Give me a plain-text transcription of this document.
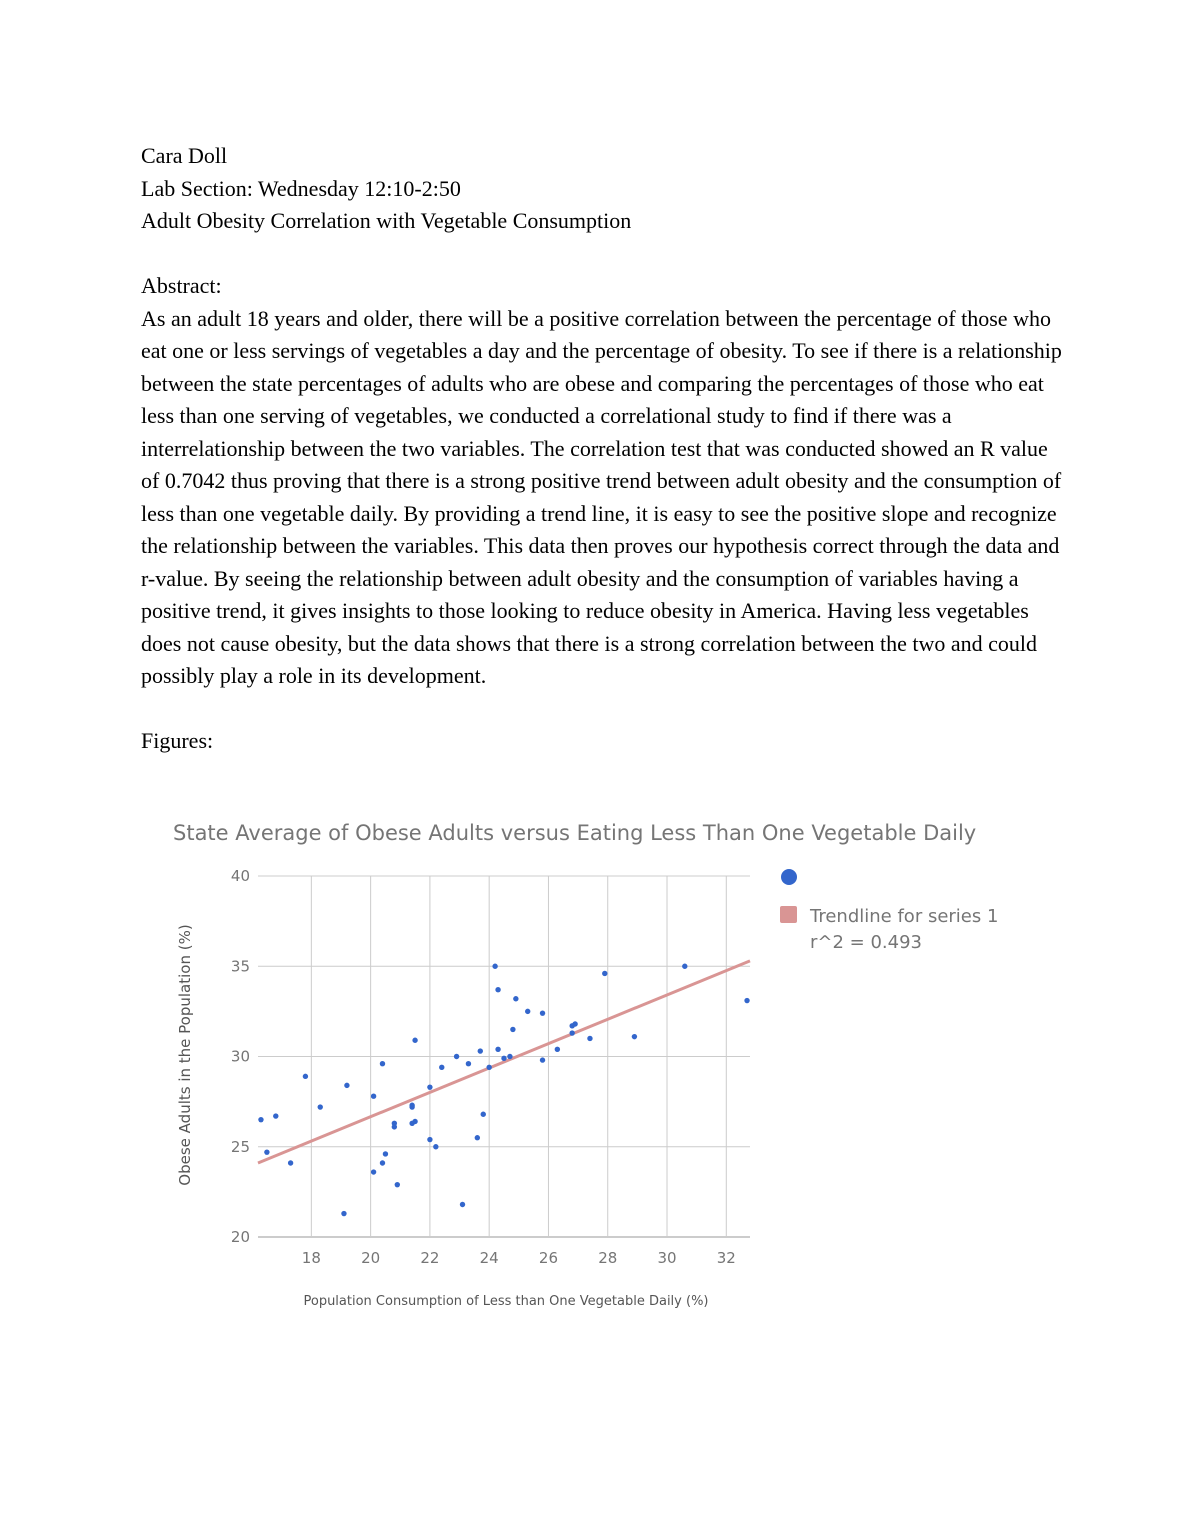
Cara Doll

Lab Section: Wednesday 12:10-2:50

Adult Obesity Correlation with Vegetable Consumption

Abstract:

As an adult 18 years and older, there will be a positive correlation between the percentage of those who eat one or less servings of vegetables a day and the percentage of obesity. To see if there is a relationship between the state percentages of adults who are obese and comparing the percentages of those who eat less than one serving of vegetables, we conducted a correlational study to find if there was a interrelationship between the two variables. The correlation test that was conducted showed an R value of 0.7042 thus proving that there is a strong positive trend between adult obesity and the consumption of less than one vegetable daily. By providing a trend line, it is easy to see the positive slope and recognize the relationship between the variables. This data then proves our hypothesis correct through the data and r-value. By seeing the relationship between adult obesity and the consumption of variables having a positive trend, it gives insights to those looking to reduce obesity in America. Having less vegetables does not cause obesity, but the data shows that there is a strong correlation between the two and could possibly play a role in its development.

Figures:

State Average of Obese Adults versus Eating Less Than One Vegetable Daily
20
25
30
35
40
18	20	22	24	26	28	30	32
Population Consumption of Less than One Vegetable Daily (%)
Obese Adults in the Population (%)
Trendline for series 1
r^2 = 0.493
